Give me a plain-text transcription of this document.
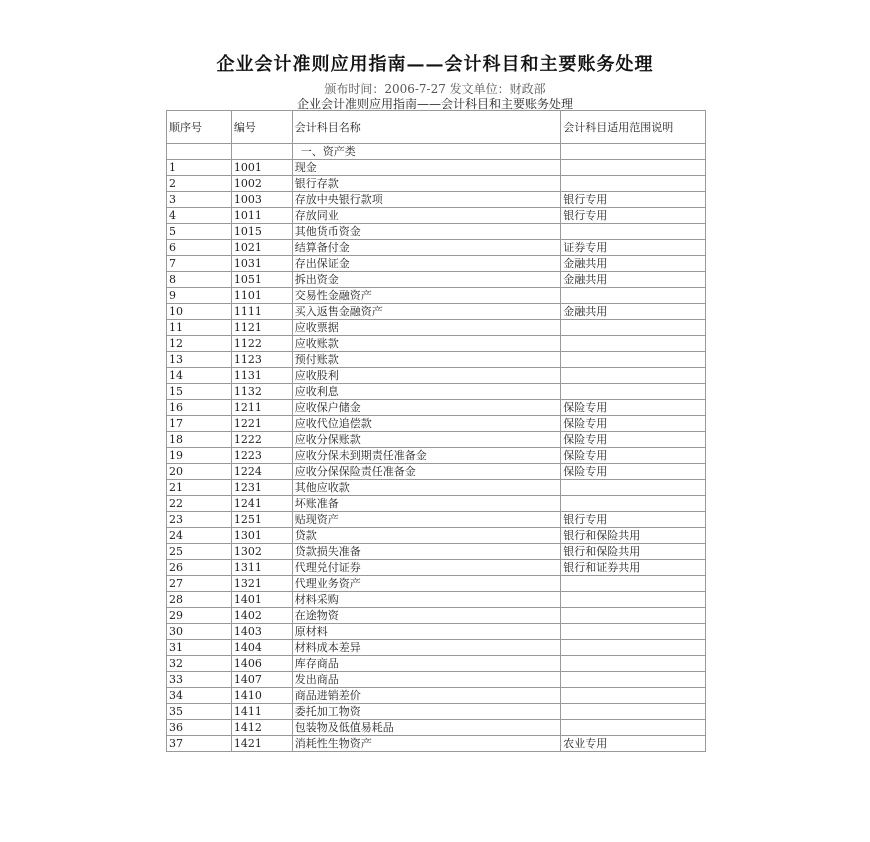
企业会计准则应用指南——会计科目和主要账务处理
颁布时间：2006-7-27 发文单位：财政部
企业会计准则应用指南——会计科目和主要账务处理
顺序号	编号	会计科目名称	会计科目适用范围说明
		一、资产类	
1	1001	现金	
2	1002	银行存款	
3	1003	存放中央银行款项	银行专用
4	1011	存放同业	银行专用
5	1015	其他货币资金	
6	1021	结算备付金	证券专用
7	1031	存出保证金	金融共用
8	1051	拆出资金	金融共用
9	1101	交易性金融资产	
10	1111	买入返售金融资产	金融共用
11	1121	应收票据	
12	1122	应收账款	
13	1123	预付账款	
14	1131	应收股利	
15	1132	应收利息	
16	1211	应收保户储金	保险专用
17	1221	应收代位追偿款	保险专用
18	1222	应收分保账款	保险专用
19	1223	应收分保未到期责任准备金	保险专用
20	1224	应收分保保险责任准备金	保险专用
21	1231	其他应收款	
22	1241	坏账准备	
23	1251	贴现资产	银行专用
24	1301	贷款	银行和保险共用
25	1302	贷款损失准备	银行和保险共用
26	1311	代理兑付证券	银行和证券共用
27	1321	代理业务资产	
28	1401	材料采购	
29	1402	在途物资	
30	1403	原材料	
31	1404	材料成本差异	
32	1406	库存商品	
33	1407	发出商品	
34	1410	商品进销差价	
35	1411	委托加工物资	
36	1412	包装物及低值易耗品	
37	1421	消耗性生物资产	农业专用
